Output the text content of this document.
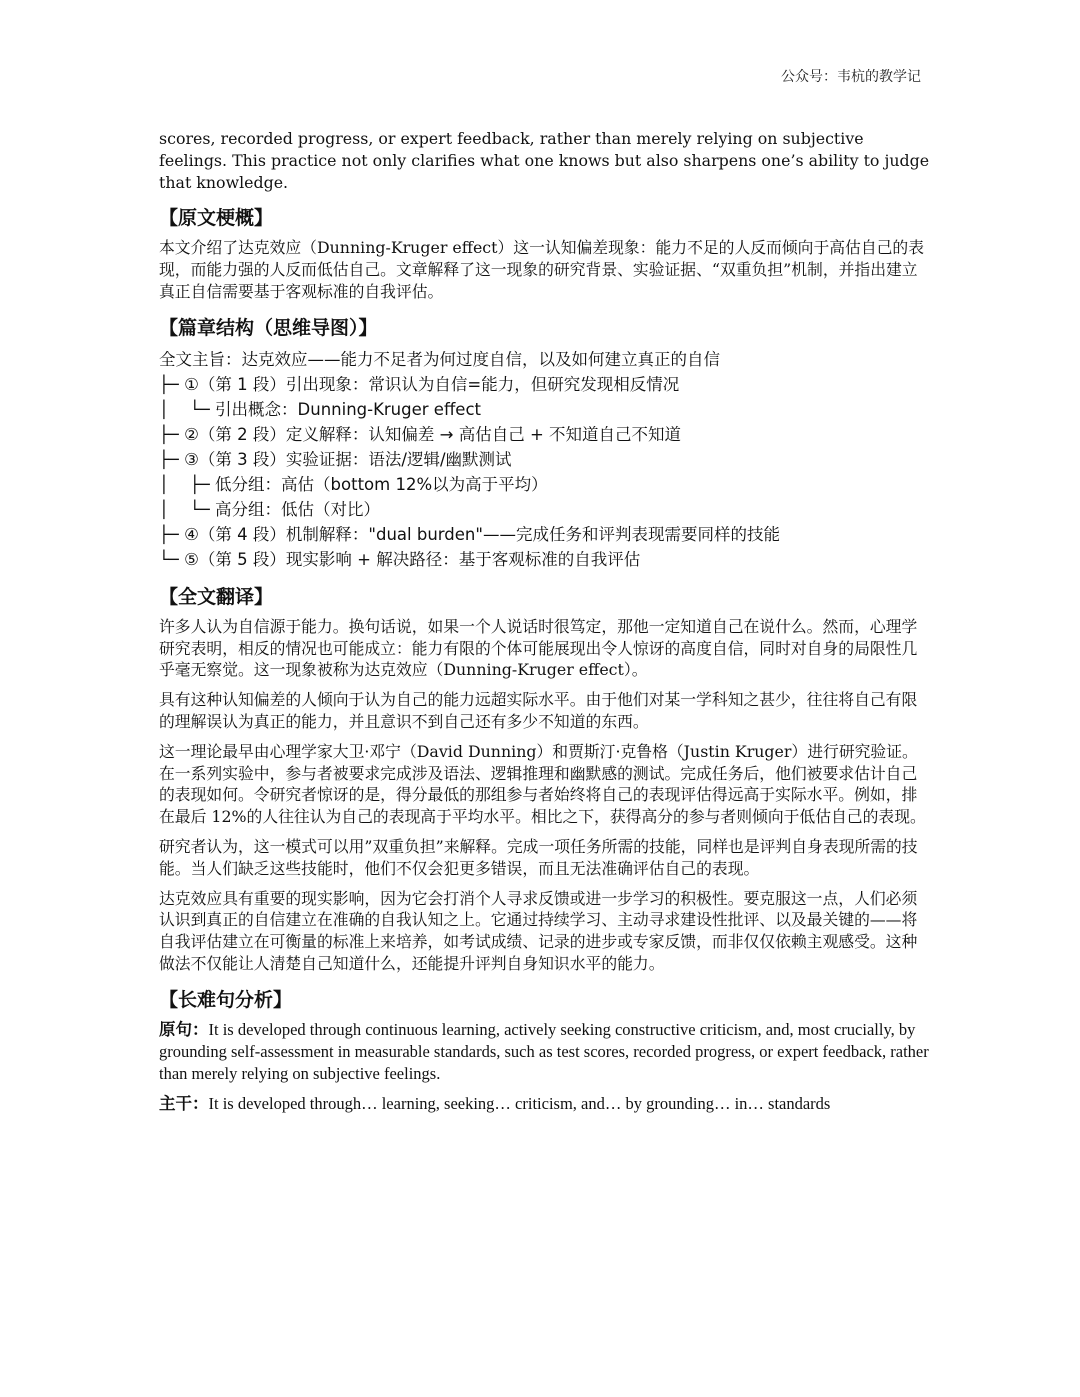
公众号：韦杭的教学记

scores, recorded progress, or expert feedback, rather than merely relying on subjective feelings. This practice not only clarifies what one knows but also sharpens one’s ability to judge that knowledge.

【原文梗概】

本文介绍了达克效应（Dunning-Kruger effect）这一认知偏差现象：能力不足的人反而倾向于高估自己的表现，而能力强的人反而低估自己。文章解释了这一现象的研究背景、实验证据、“双重负担”机制，并指出建立真正自信需要基于客观标准的自我评估。

【篇章结构（思维导图）】
全文主旨：达克效应——能力不足者为何过度自信，以及如何建立真正的自信
├─ ①（第 1 段）引出现象：常识认为自信=能力，但研究发现相反情况
│    └─ 引出概念：Dunning-Kruger effect
├─ ②（第 2 段）定义解释：认知偏差 → 高估自己 + 不知道自己不知道
├─ ③（第 3 段）实验证据：语法/逻辑/幽默测试
│    ├─ 低分组：高估（bottom 12%以为高于平均）
│    └─ 高分组：低估（对比）
├─ ④（第 4 段）机制解释："dual burden"——完成任务和评判表现需要同样的技能
└─ ⑤（第 5 段）现实影响 + 解决路径：基于客观标准的自我评估
【全文翻译】

许多人认为自信源于能力。换句话说，如果一个人说话时很笃定，那他一定知道自己在说什么。然而，心理学研究表明，相反的情况也可能成立：能力有限的个体可能展现出令人惊讶的高度自信，同时对自身的局限性几乎毫无察觉。这一现象被称为达克效应（Dunning-Kruger effect）。

具有这种认知偏差的人倾向于认为自己的能力远超实际水平。由于他们对某一学科知之甚少，往往将自己有限的理解误认为真正的能力，并且意识不到自己还有多少不知道的东西。

这一理论最早由心理学家大卫·邓宁（David Dunning）和贾斯汀·克鲁格（Justin Kruger）进行研究验证。在一系列实验中，参与者被要求完成涉及语法、逻辑推理和幽默感的测试。完成任务后，他们被要求估计自己的表现如何。令研究者惊讶的是，得分最低的那组参与者始终将自己的表现评估得远高于实际水平。例如，排在最后 12%的人往往认为自己的表现高于平均水平。相比之下，获得高分的参与者则倾向于低估自己的表现。

研究者认为，这一模式可以用”双重负担”来解释。完成一项任务所需的技能，同样也是评判自身表现所需的技能。当人们缺乏这些技能时，他们不仅会犯更多错误，而且无法准确评估自己的表现。

达克效应具有重要的现实影响，因为它会打消个人寻求反馈或进一步学习的积极性。要克服这一点，人们必须认识到真正的自信建立在准确的自我认知之上。它通过持续学习、主动寻求建设性批评、以及最关键的——将自我评估建立在可衡量的标准上来培养，如考试成绩、记录的进步或专家反馈，而非仅仅依赖主观感受。这种做法不仅能让人清楚自己知道什么，还能提升评判自身知识水平的能力。

【长难句分析】

原句：It is developed through continuous learning, actively seeking constructive criticism, and, most crucially, by grounding self-assessment in measurable standards, such as test scores, recorded progress, or expert feedback, rather than merely relying on subjective feelings.

主干：It is developed through… learning, seeking… criticism, and… by grounding… in… standards
